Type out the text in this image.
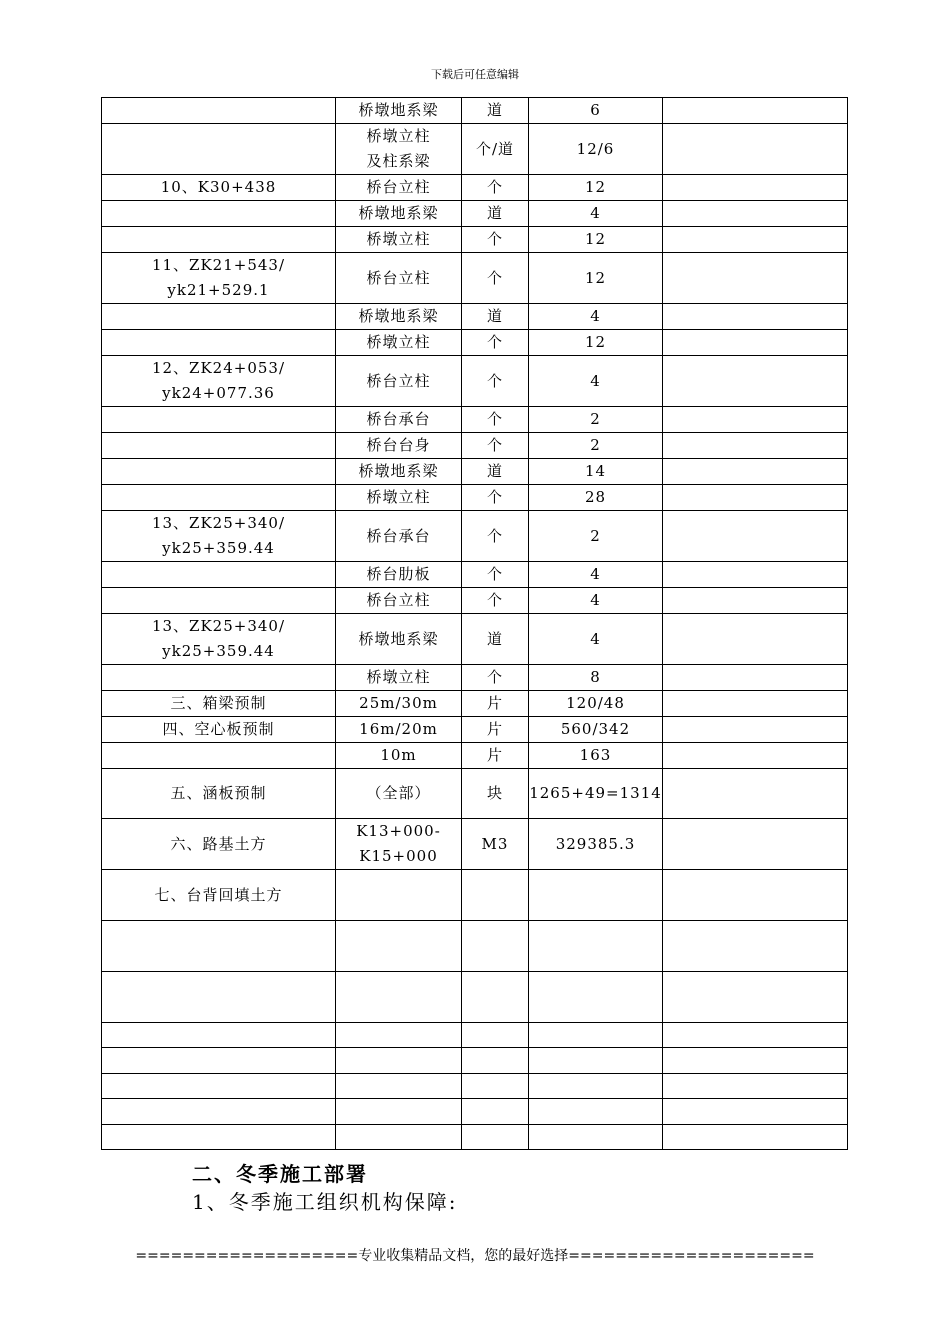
下载后可任意编辑

	桥墩地系梁	道	6	

	桥墩立柱
及柱系梁	个/道	12/6	

10、K30+438	桥台立柱	个	12	

	桥墩地系梁	道	4	

	桥墩立柱	个	12	

11、ZK21+543/
yk21+529.1	桥台立柱	个	12	

	桥墩地系梁	道	4	

	桥墩立柱	个	12	

12、ZK24+053/
yk24+077.36	桥台立柱	个	4	

	桥台承台	个	2	

	桥台台身	个	2	

	桥墩地系梁	道	14	

	桥墩立柱	个	28	

13、ZK25+340/
yk25+359.44	桥台承台	个	2	

	桥台肋板	个	4	

	桥台立柱	个	4	

13、ZK25+340/
yk25+359.44	桥墩地系梁	道	4	

	桥墩立柱	个	8	

三、箱梁预制	25m/30m	片	120/48	

四、空心板预制	16m/20m	片	560/342	

	10m	片	163	

五、涵板预制	（全部）	块	1265+49=1314	

六、路基土方	K13+000-
K15+000	M3	329385.3	

七、台背回填土方				

二、冬季施工部署
1、冬季施工组织机构保障:
===================专业收集精品文档，您的最好选择=====================
